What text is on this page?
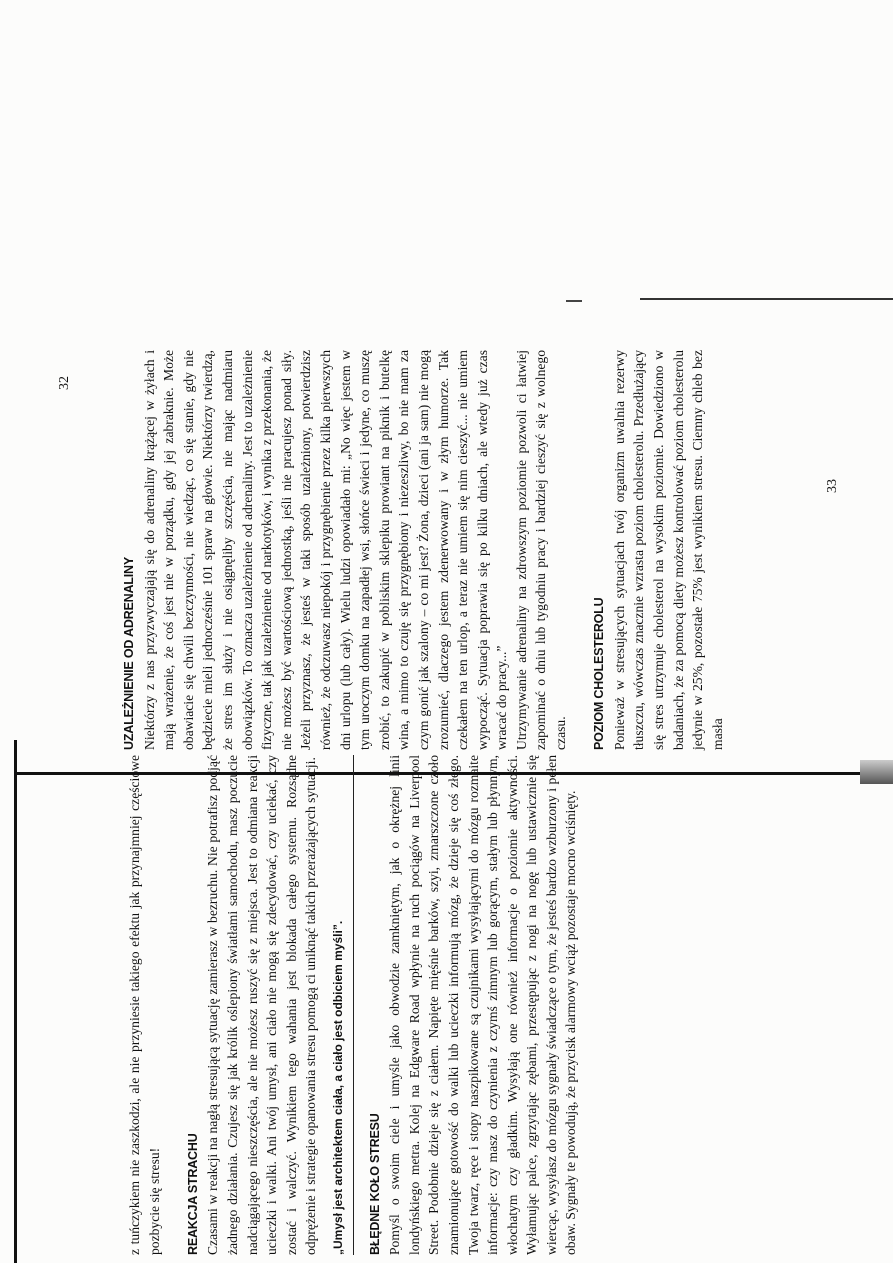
UZALEŻNIENIE OD ADRENALINY Niektórzy z nas przyzwyczajają się do adrenaliny krążącej w żyłach i mają wrażenie, że coś jest nie w porządku, gdy jej zabraknie. Może obawiacie się chwili bezczynności, nie wiedząc, co się stanie, gdy nie będziecie mieli jednocześnie 101 spraw na głowie. Niektórzy twierdzą, że stres im służy i nie osiągnęliby szczęścia, nie mając nadmiaru obowiązków. To oznacza uzależnienie od adrenaliny. Jest to uzależnienie fizyczne, tak jak uzależnienie od narkotyków, i wynika z przekonania, że nie możesz być wartościową jednostką, jeśli nie pracujesz ponad siły. Jeżeli przyznasz, że jesteś w taki sposób uzależniony, potwierdzisz również, że odczuwasz niepokój i przygnębienie przez kilka pierwszych dni urlopu (lub cały). Wielu ludzi opowiadało mi: „No więc jestem w tym uroczym domku na zapadłej wsi, słońce świeci i jedyne, co muszę zrobić, to zakupić w pobliskim sklepiku prowiant na piknik i butelkę wina, a mimo to czuję się przygnębiony i niezeszliwy, bo nie mam za czym gonić jak szalony – co mi jest? Żona, dzieci (ani ja sam) nie mogą zrozumieć, dlaczego jestem zdenerwowany i w złym humorze. Tak czekałem na ten urlop, a teraz nie umiem się nim cieszyć... nie umiem wypocząć. Sytuacja poprawia się po kilku dniach, ale wtedy już czas wracać do pracy...” Utrzymywanie adrenaliny na zdrowszym poziomie pozwoli ci łatwiej zapominać o dniu lub tygodniu pracy i bardziej cieszyć się z wolnego czasu. POZIOM CHOLESTEROLU Ponieważ w stresujących sytuacjach twój organizm uwalnia rezerwy tłuszczu, wówczas znacznie wzrasta poziom cholesterolu. Przedłużający się stres utrzymuje cholesterol na wysokim poziomie. Dowiedziono w badaniach, że za pomocą diety możesz kontrolować poziom cholesterolu jedynie w 25%, pozostałe 75% jest wynikiem stresu. Ciemny chleb bez masła

z tuńczykiem nie zaszkodzi, ale nie przyniesie takiego efektu jak przynajmniej częściowe pozbycie się stresu! REAKCJA STRACHU Czasami w reakcji na nagłą stresującą sytuację zamierasz w bezruchu. Nie potrafisz podjąć żadnego działania. Czujesz się jak królik oślepiony światłami samochodu, masz poczucie nadciągającego nieszczęścia, ale nie możesz ruszyć się z miejsca. Jest to odmiana reakcji ucieczki i walki. Ani twój umysł, ani ciało nie mogą się zdecydować, czy uciekać, czy zostać i walczyć. Wynikiem tego wahania jest blokada całego systemu. Rozsądne odprężenie i strategie opanowania stresu pomogą ci uniknąć takich przerażających sytuacji. „Umysł jest architektem ciała, a ciało jest odbiciem myśli”.	BŁĘDNE KOŁO STRESU Pomyśl o swoim ciele i umyśle jako obwodzie zamkniętym, jak o okrężnej linii londyńskiego metra. Kolej na Edgware Road wpłynie na ruch pociągów na Liverpool Street. Podobnie dzieje się z ciałem. Napięte mięśnie barków, szyi, zmarszczone czoło znamionujące gotowość do walki lub ucieczki informują mózg, że dzieje się coś złego. Twoja twarz, ręce i stopy naszpikowane są czujnikami wysyłającymi do mózgu rozmaite informacje: czy masz do czynienia z czymś zimnym lub gorącym, stałym lub płynnym, włochatym czy gładkim. Wysyłają one również informacje o poziomie aktywności. Wyłamując palce, zgrzytając zębami, przestępując z nogi na nogę lub ustawicznie się wiercąc, wysyłasz do mózgu sygnały świadczące o tym, że jesteś bardzo wzburzony i pełen obaw. Sygnały te powodują, że przycisk alarmowy wciąż pozostaje mocno wciśnięty.

32
33
